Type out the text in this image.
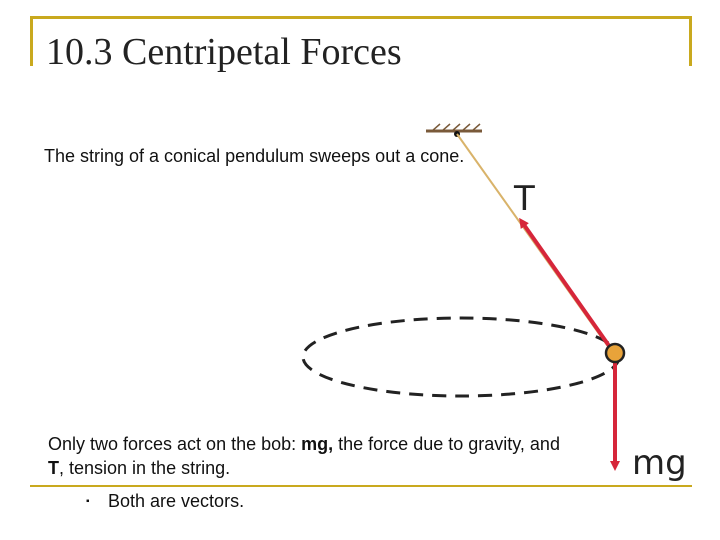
10.3 Centripetal Forces
T
mg

The string of a conical pendulum sweeps out a cone.

Only two forces act on the bob: mg, the force due to gravity, and T, tension in the string.

▪ Both are vectors.
